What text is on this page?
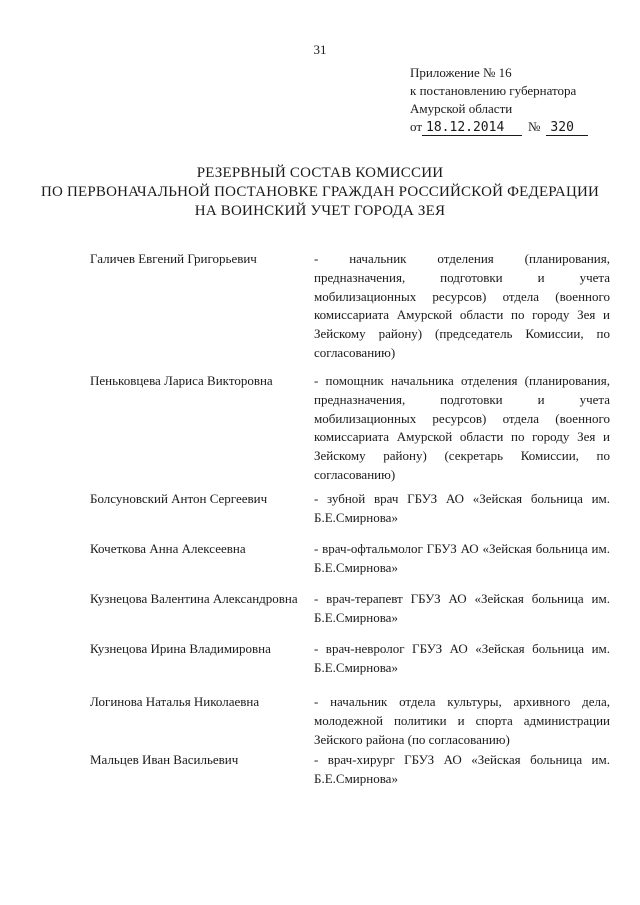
31
Приложение № 16
к постановлению губернатора
Амурской области
от 18.12.2014	№ 320
РЕЗЕРВНЫЙ СОСТАВ КОМИССИИ
ПО ПЕРВОНАЧАЛЬНОЙ ПОСТАНОВКЕ ГРАЖДАН РОССИЙСКОЙ ФЕДЕРАЦИИ
НА ВОИНСКИЙ УЧЕТ ГОРОДА ЗЕЯ
Галичев Евгений Григорьевич	- начальник отделения (планирования, предназначения, подготовки и учета мобилизационных ресурсов) отдела (военного комиссариата Амурской области по городу Зея и Зейскому району) (председатель Комиссии, по согласованию)
Пеньковцева Лариса Викторовна	- помощник начальника отделения (планирования, предназначения, подготовки и учета мобилизационных ресурсов) отдела (военного комиссариата Амурской области по городу Зея и Зейскому району) (секретарь Комиссии, по согласованию)
Болсуновский Антон Сергеевич	- зубной врач ГБУЗ АО «Зейская больница им. Б.Е.Смирнова»
Кочеткова Анна Алексеевна	- врач-офтальмолог ГБУЗ АО «Зейская больница им. Б.Е.Смирнова»
Кузнецова Валентина Александровна	- врач-терапевт ГБУЗ АО «Зейская больница им. Б.Е.Смирнова»
Кузнецова Ирина Владимировна	- врач-невролог ГБУЗ АО «Зейская больница им. Б.Е.Смирнова»
Логинова Наталья Николаевна	- начальник отдела культуры, архивного дела, молодежной политики и спорта администрации Зейского района (по согласованию)
Мальцев Иван Васильевич	- врач-хирург ГБУЗ АО «Зейская больница им. Б.Е.Смирнова»
